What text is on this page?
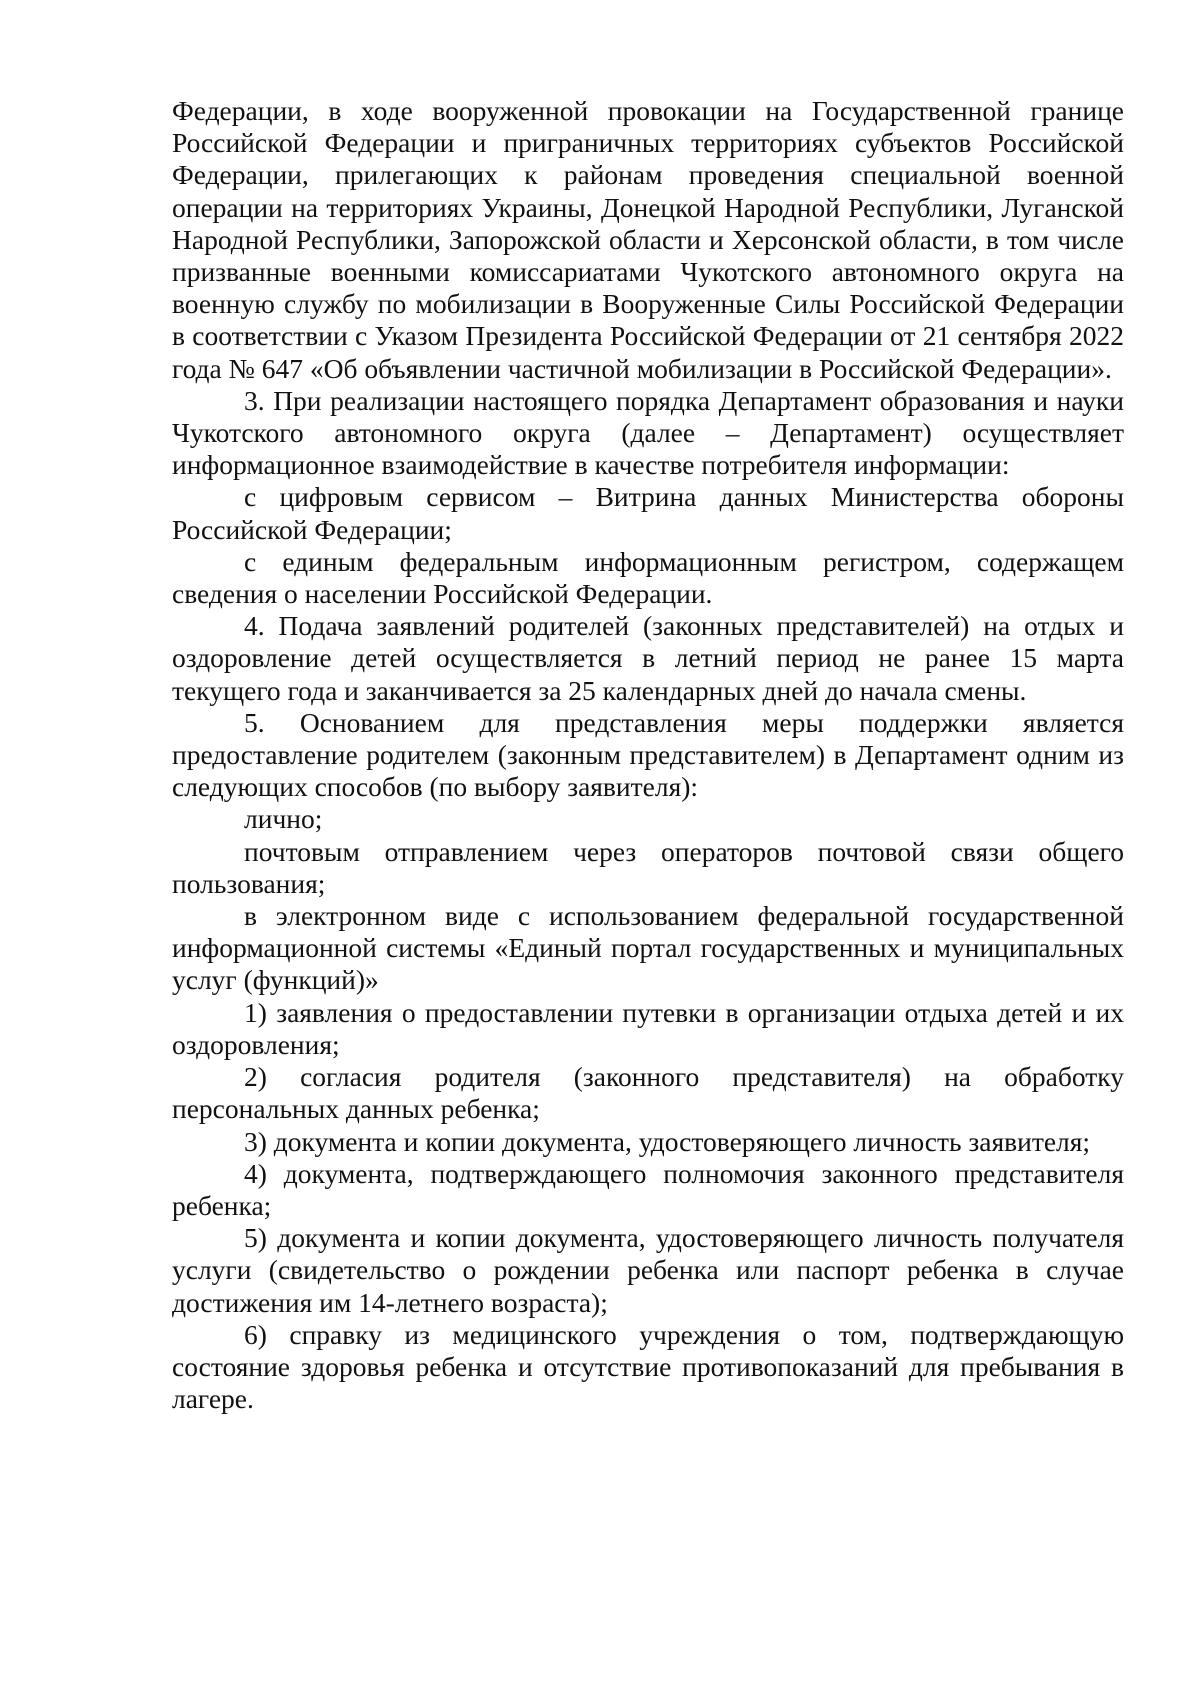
Федерации, в ходе вооруженной провокации на Государственной границе Российской Федерации и приграничных территориях субъектов Российской Федерации, прилегающих к районам проведения специальной военной операции на территориях Украины, Донецкой Народной Республики, Луганской Народной Республики, Запорожской области и Херсонской области, в том числе призванные военными комиссариатами Чукотского автономного округа на военную службу по мобилизации в Вооруженные Силы Российской Федерации в соответствии с Указом Президента Российской Федерации от 21 сентября 2022 года № 647 «Об объявлении частичной мобилизации в Российской Федерации».

3. При реализации настоящего порядка Департамент образования и науки Чукотского автономного округа (далее – Департамент) осуществляет информационное взаимодействие в качестве потребителя информации:

с цифровым сервисом – Витрина данных Министерства обороны Российской Федерации;

с единым федеральным информационным регистром, содержащем сведения о населении Российской Федерации.

4. Подача заявлений родителей (законных представителей) на отдых и оздоровление детей осуществляется в летний период не ранее 15 марта текущего года и заканчивается за 25 календарных дней до начала смены.

5. Основанием для представления меры поддержки является предоставление родителем (законным представителем) в Департамент одним из следующих способов (по выбору заявителя):

лично;

почтовым отправлением через операторов почтовой связи общего пользования;

в электронном виде с использованием федеральной государственной информационной системы «Единый портал государственных и муниципальных услуг (функций)»

1) заявления о предоставлении путевки в организации отдыха детей и их оздоровления;

2) согласия родителя (законного представителя) на обработку персональных данных ребенка;

3) документа и копии документа, удостоверяющего личность заявителя;

4) документа, подтверждающего полномочия законного представителя ребенка;

5) документа и копии документа, удостоверяющего личность получателя услуги (свидетельство о рождении ребенка или паспорт ребенка в случае достижения им 14-летнего возраста);

6) справку из медицинского учреждения о том, подтверждающую состояние здоровья ребенка и отсутствие противопоказаний для пребывания в лагере.
